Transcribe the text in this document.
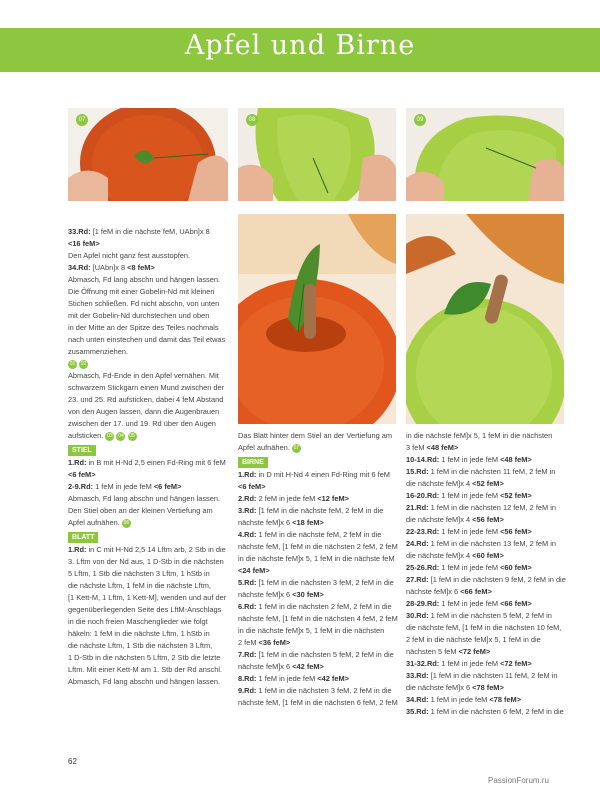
Apfel und Birne
07	08	09

33.Rd: [1 feM in die nächste feM, UAbn]x 8

<16 feM>

Den Apfel nicht ganz fest ausstopfen.

34.Rd: [UAbn]x 8 <8 feM>

Abmasch, Fd lang abschn und hängen lassen.

Die Öffnung mit einer Gobelin-Nd mit kleinen

Stichen schließen. Fd nicht abschn, von unten

mit der Gobelin-Nd durchstechen und oben

in der Mitte an der Spitze des Teiles nochmals

nach unten einstechen und damit das Teil etwas

zusammenziehen.

01 02

Abmasch, Fd-Ende in den Apfel vernähen. Mit

schwarzem Stickgarn einen Mund zwischen der

23. und 25. Rd aufsticken, dabei 4 feM Abstand

von den Augen lassen, dann die Augenbrauen

zwischen der 17. und 19. Rd über den Augen

aufsticken. 03 04 05

STIEL

1.Rd: in B mit H-Nd 2,5 einen Fd-Ring mit 6 feM

<6 feM>

2-9.Rd: 1 feM in jede feM <6 feM>

Abmasch, Fd lang abschn und hängen lassen.

Den Stiel oben an der kleinen Vertiefung am

Apfel aufnähen. 06

BLATT

1.Rd: in C mit H-Nd 2,5 14 Lftm arb, 2 Stb in die

3. Lftm von der Nd aus, 1 D-Stb in die nächsten

5 Lftm, 1 Stb die nächsten 3 Lftm, 1 hStb in

die nächste Lftm, 1 feM in die nächste Lftm,

[1 Kett-M, 1 Lftm, 1 Kett-M], wenden und auf der

gegenüberliegenden Seite des LftM-Anschlags

in die noch freien Maschenglieder wie folgt

häkeln: 1 feM in die nächste Lftm, 1 hStb in

die nächste Lftm, 1 Stb die nächsten 3 Lftm,

1 D-Stb in die nächsten 5 Lftm, 2 Stb die letzte

Lftm. Mit einer Kett-M am 1. Stb der Rd anschl.

Abmasch, Fd lang abschn und hängen lassen.

Das Blatt hinter dem Stiel an der Vertiefung am

Apfel aufnähen. 07

BIRNE

1.Rd: in D mit H-Nd 4 einen Fd-Ring mit 6 feM

<6 feM>

2.Rd: 2 feM in jede feM <12 feM>

3.Rd: [1 feM in die nächste feM, 2 feM in die

nächste feM]x 6 <18 feM>

4.Rd: 1 feM in die nächste feM, 2 feM in die

nächste feM, [1 feM in die nächsten 2 feM, 2 feM

in die nächste feM]x 5, 1 feM in die nächste feM

<24 feM>

5.Rd: [1 feM in die nächsten 3 feM, 2 feM in die

nächste feM]x 6 <30 feM>

6.Rd: 1 feM in die nächsten 2 feM, 2 feM in die

nächste feM, [1 feM in die nächsten 4 feM, 2 feM

in die nächste feM]x 5, 1 feM in die nächsten

2 feM <36 feM>

7.Rd: [1 feM in die nächsten 5 feM, 2 feM in die

nächste feM]x 6 <42 feM>

8.Rd: 1 feM in jede feM <42 feM>

9.Rd: 1 feM in die nächsten 3 feM, 2 feM in die

nächste feM, [1 feM in die nächsten 6 feM, 2 feM

in die nächste feM]x 5, 1 feM in die nächsten

3 feM <48 feM>

10-14.Rd: 1 feM in jede feM <48 feM>

15.Rd: 1 feM in die nächsten 11 feM, 2 feM in

die nächste feM]x 4 <52 feM>

16-20.Rd: 1 feM in jede feM <52 feM>

21.Rd: 1 feM in die nächsten 12 feM, 2 feM in

die nächste feM]x 4 <56 feM>

22-23.Rd: 1 feM in jede feM <56 feM>

24.Rd: 1 feM in die nächsten 13 feM, 2 feM in

die nächste feM]x 4 <60 feM>

25-26.Rd: 1 feM in jede feM <60 feM>

27.Rd: [1 feM in die nächsten 9 feM, 2 feM in die

nächste feM]x 6 <66 feM>

28-29.Rd: 1 feM in jede feM <66 feM>

30.Rd: 1 feM in die nächsten 5 feM, 2 feM in

die nächste feM, [1 feM in die nächsten 10 feM,

2 feM in die nächste feM]x 5, 1 feM in die

nächsten 5 feM <72 feM>

31-32.Rd: 1 feM in jede feM <72 feM>

33.Rd: [1 feM in die nächsten 11 feM, 2 feM in

die nächste feM]x 6 <78 feM>

34.Rd: 1 feM in jede feM <78 feM>

35.Rd: 1 feM in die nächsten 6 feM, 2 feM in die

62
PassionForum.ru
